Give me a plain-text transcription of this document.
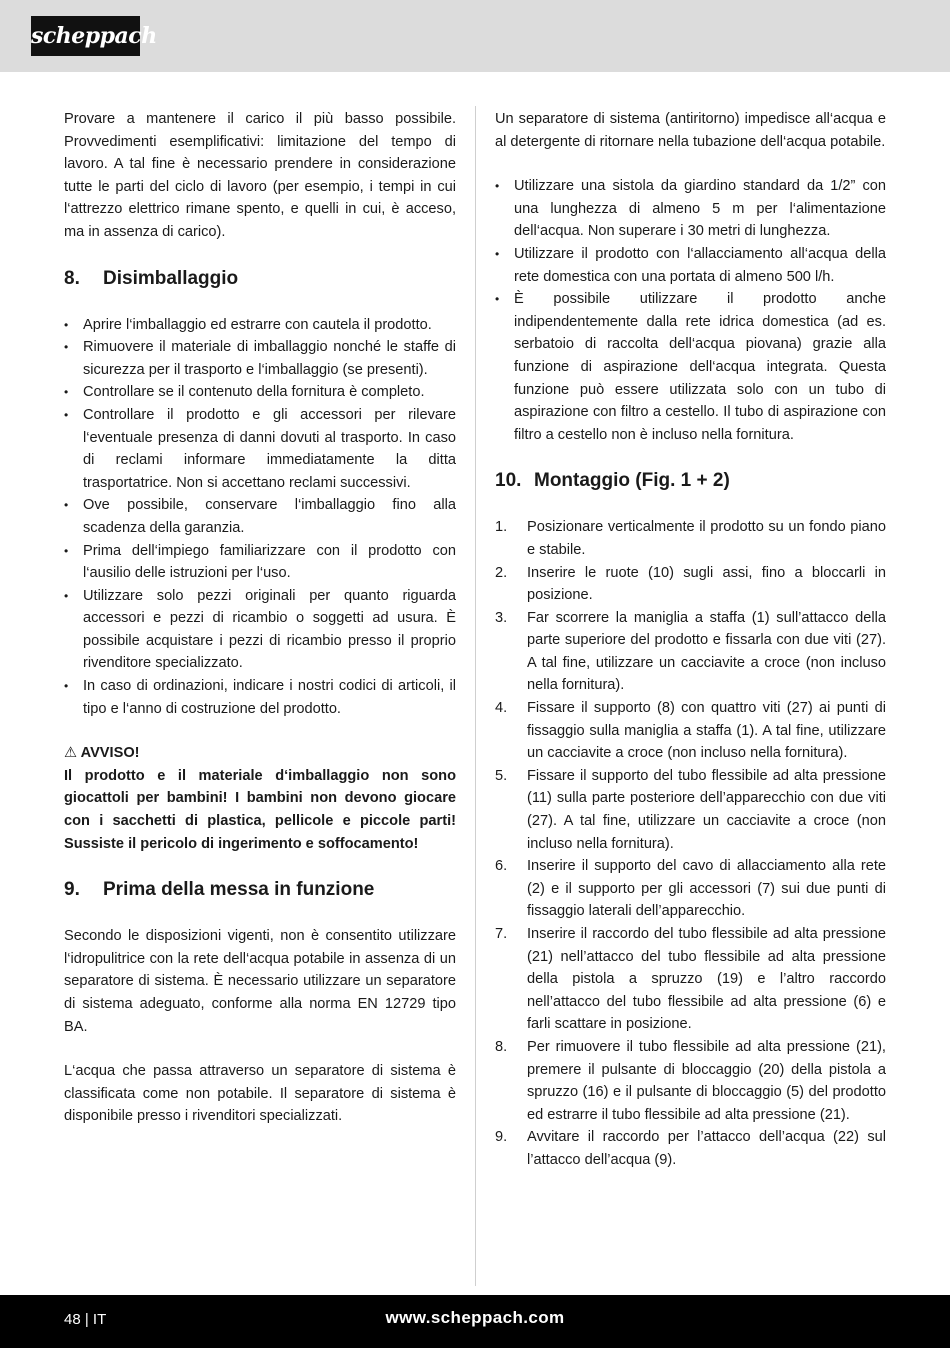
scheppach

Provare a mantenere il carico il più basso possibile. Provvedimenti esemplificativi: limitazione del tempo di lavoro. A tal fine è necessario prendere in considerazione tutte le parti del ciclo di lavoro (per esempio, i tempi in cui l‘attrezzo elettrico rimane spento, e quelli in cui, è acceso, ma in assenza di carico).

8. Disimballaggio
• Aprire l‘imballaggio ed estrarre con cautela il prodotto.
• Rimuovere il materiale di imballaggio nonché le staffe di sicurezza per il trasporto e l‘imballaggio (se presenti).
• Controllare se il contenuto della fornitura è completo.
• Controllare il prodotto e gli accessori per rilevare l‘eventuale presenza di danni dovuti al trasporto. In caso di reclami informare immediatamente la ditta trasportatrice. Non si accettano reclami successivi.
• Ove possibile, conservare l‘imballaggio fino alla scadenza della garanzia.
• Prima dell‘impiego familiarizzare con il prodotto con l‘ausilio delle istruzioni per l‘uso.
• Utilizzare solo pezzi originali per quanto riguarda accessori e pezzi di ricambio o soggetti ad usura. È possibile acquistare i pezzi di ricambio presso il proprio rivenditore specializzato.
• In caso di ordinazioni, indicare i nostri codici di articoli, il tipo e l‘anno di costruzione del prodotto.
⚠ AVVISO!

Il prodotto e il materiale d‘imballaggio non sono giocattoli per bambini! I bambini non devono giocare con i sacchetti di plastica, pellicole e piccole parti! Sussiste il pericolo di ingerimento e soffocamento!

9. Prima della messa in funzione

Secondo le disposizioni vigenti, non è consentito utilizzare l‘idropulitrice con la rete dell‘acqua potabile in assenza di un separatore di sistema. È necessario utilizzare un separatore di sistema adeguato, conforme alla norma EN 12729 tipo BA.

L‘acqua che passa attraverso un separatore di sistema è classificata come non potabile. Il separatore di sistema è disponibile presso i rivenditori specializzati.

Un separatore di sistema (antiritorno) impedisce all‘acqua e al detergente di ritornare nella tubazione dell‘acqua potabile.

• Utilizzare una sistola da giardino standard da 1/2” con una lunghezza di almeno 5 m per l‘alimentazione dell‘acqua. Non superare i 30 metri di lunghezza.
• Utilizzare il prodotto con l‘allacciamento all‘acqua della rete domestica con una portata di almeno 500 l/h.
• È possibile utilizzare il prodotto anche indipendentemente dalla rete idrica domestica (ad es. serbatoio di raccolta dell‘acqua piovana) grazie alla funzione di aspirazione dell‘acqua integrata. Questa funzione può essere utilizzata solo con un tubo di aspirazione con filtro a cestello. Il tubo di aspirazione con filtro a cestello non è incluso nella fornitura.
10. Montaggio (Fig. 1 + 2)
1. Posizionare verticalmente il prodotto su un fondo piano e stabile.
2. Inserire le ruote (10) sugli assi, fino a bloccarli in posizione.
3. Far scorrere la maniglia a staffa (1) sull’attacco della parte superiore del prodotto e fissarla con due viti (27). A tal fine, utilizzare un cacciavite a croce (non incluso nella fornitura).
4. Fissare il supporto (8) con quattro viti (27) ai punti di fissaggio sulla maniglia a staffa (1). A tal fine, utilizzare un cacciavite a croce (non incluso nella fornitura).
5. Fissare il supporto del tubo flessibile ad alta pressione (11) sulla parte posteriore dell’apparecchio con due viti (27). A tal fine, utilizzare un cacciavite a croce (non incluso nella fornitura).
6. Inserire il supporto del cavo di allacciamento alla rete (2) e il supporto per gli accessori (7) sui due punti di fissaggio laterali dell’apparecchio.
7. Inserire il raccordo del tubo flessibile ad alta pressione (21) nell’attacco del tubo flessibile ad alta pressione della pistola a spruzzo (19) e l’altro raccordo nell’attacco del tubo flessibile ad alta pressione (6) e farli scattare in posizione.
8. Per rimuovere il tubo flessibile ad alta pressione (21), premere il pulsante di bloccaggio (20) della pistola a spruzzo (16) e il pulsante di bloccaggio (5) del prodotto ed estrarre il tubo flessibile ad alta pressione (21).
9. Avvitare il raccordo per l’attacco dell’acqua (22) sul l’attacco dell’acqua (9).
48 | IT	www.scheppach.com
